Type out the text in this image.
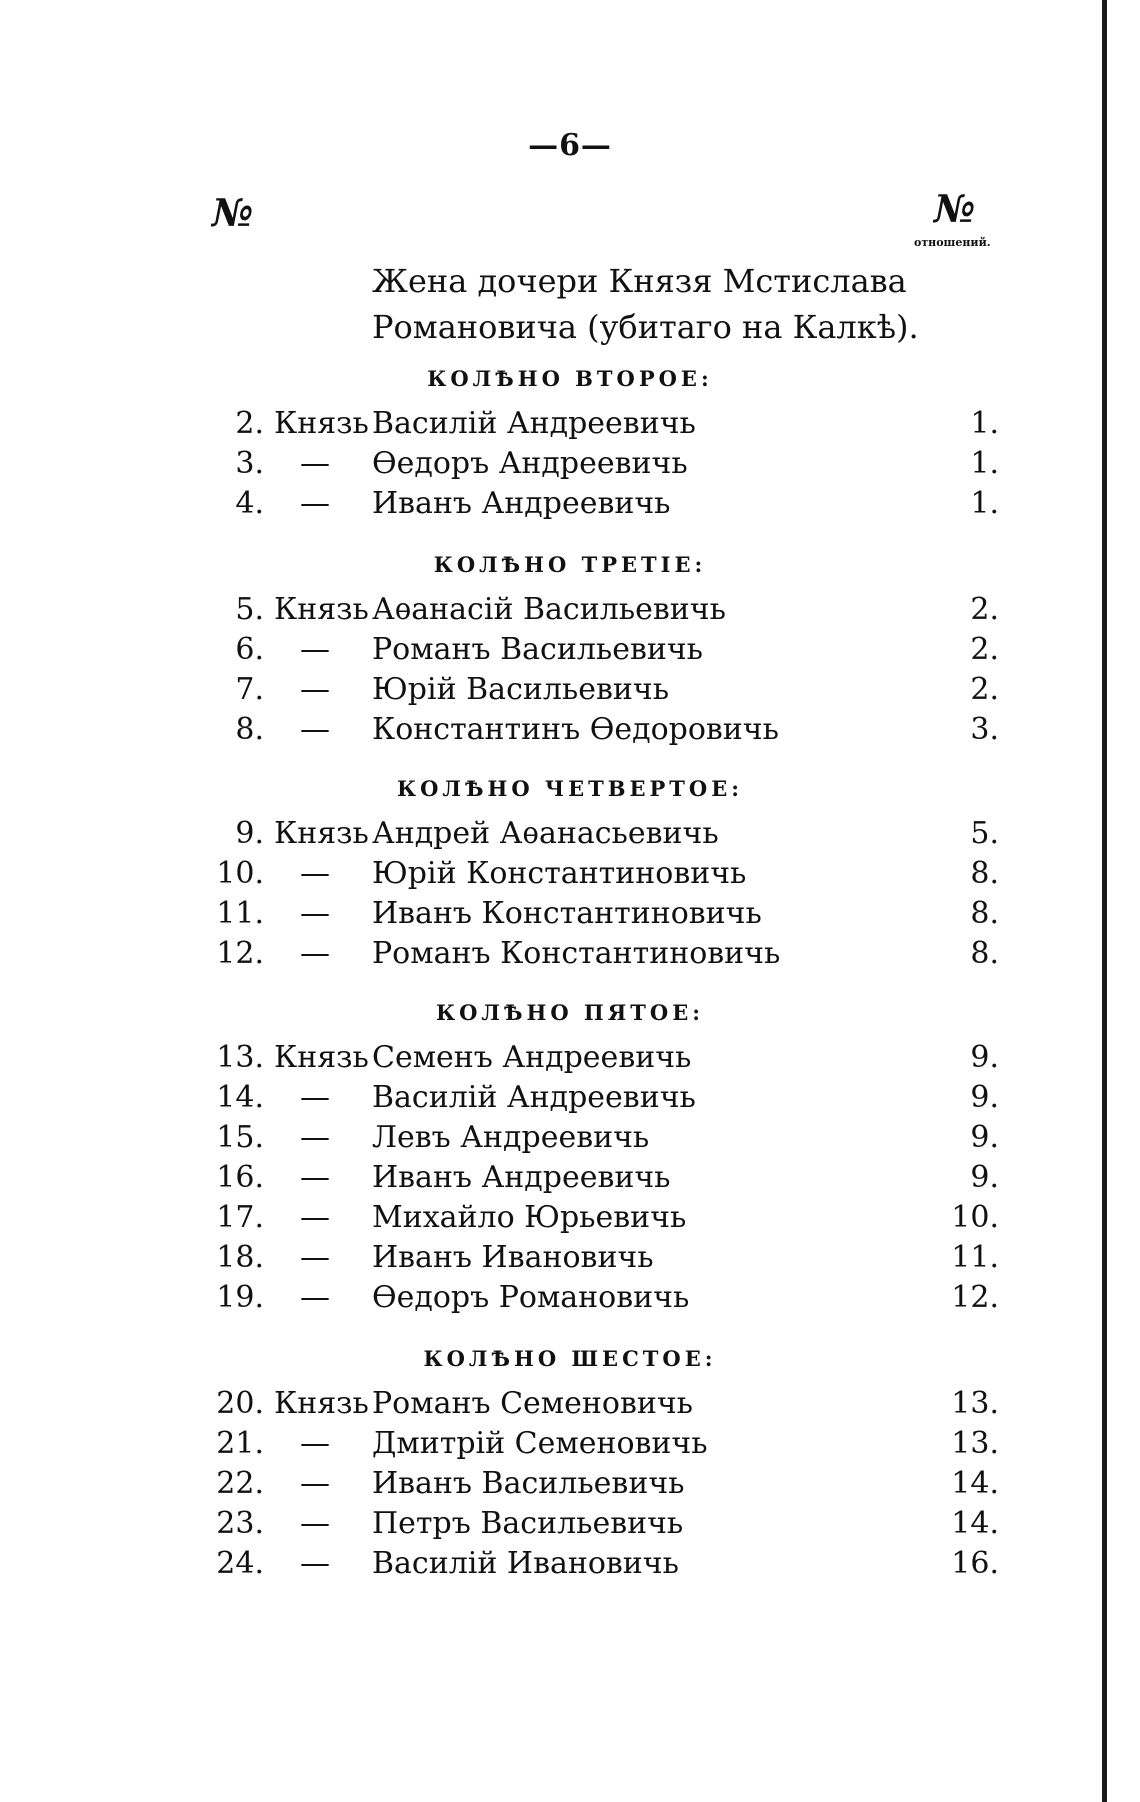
—6—
№	№
отношений.
Жена дочери Князя Мстислава Романовича (убитаго на Калкѣ).
КОЛѢНО ВТОРОЕ:
2. Князь Василій Андреевичь	1.
3. — Ѳедоръ Андреевичь	1.
4. — Иванъ Андреевичь	1.
КОЛѢНО ТРЕТІЕ:
5. Князь Аѳанасій Васильевичь	2.
6. — Романъ Васильевичь	2.
7. — Юрій Васильевичь	2.
8. — Константинъ Ѳедоровичь	3.
КОЛѢНО ЧЕТВЕРТОЕ:
9. Князь Андрей Аѳанасьевичь	5.
10. — Юрій Константиновичь	8.
11. — Иванъ Константиновичь	8.
12. — Романъ Константиновичь	8.
КОЛѢНО ПЯТОЕ:
13. Князь Семенъ Андреевичь	9.
14. — Василій Андреевичь	9.
15. — Левъ Андреевичь	9.
16. — Иванъ Андреевичь	9.
17. — Михайло Юрьевичь	10.
18. — Иванъ Ивановичь	11.
19. — Ѳедоръ Романовичь	12.
КОЛѢНО ШЕСТОЕ:
20. Князь Романъ Семеновичь	13.
21. — Дмитрій Семеновичь	13.
22. — Иванъ Васильевичь	14.
23. — Петръ Васильевичь	14.
24. — Василій Ивановичь	16.
